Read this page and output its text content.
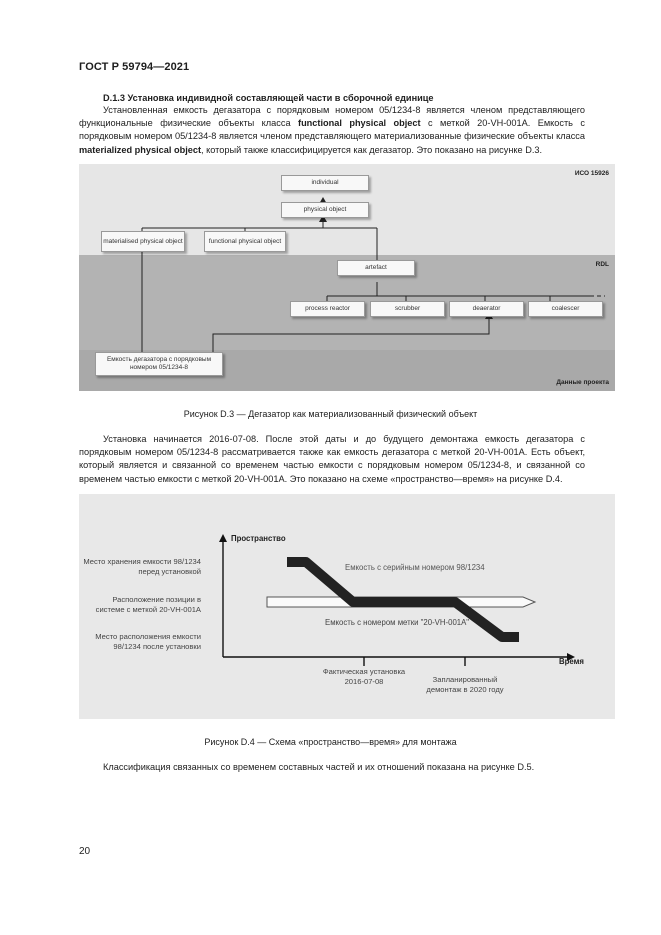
ГОСТ Р 59794—2021
D.1.3 Установка индивидной составляющей части в сборочной единице
Установленная емкость дегазатора с порядковым номером 05/1234-8 является членом представляющего функциональные физические объекты класса functional physical object с меткой 20-VH-001A. Емкость с порядковым номером 05/1234-8 является членом представляющего материализованные физические объекты класса materialized physical object, который также классифицируется как дегазатор. Это показано на рисунке D.3.
ИСО 15926
RDL
Данные проекта
individual
physical object
materialised physical object	functional physical object
artefact
process reactor	scrubber	deaerator	coalescer
Емкость дегазатора с порядковым номером 05/1234-8
Рисунок D.3 — Дегазатор как материализованный физический объект
Установка начинается 2016-07-08. После этой даты и до будущего демонтажа емкость дегазатора с порядковым номером 05/1234-8 рассматривается также как емкость дегазатора с меткой 20-VH-001A. Есть объект, который является и связанной со временем частью емкости с порядковым номером 05/1234-8, и связанной со временем частью емкости с меткой 20-VH-001A. Это показано на схеме «пространство—время» на рисунке D.4.
Пространство
Время
Место хранения емкости 98/1234 перед установкой
Расположение позиции в системе с меткой 20-VH-001A
Место расположения емкости 98/1234 после установки
Фактическая установка 2016-07-08	Запланированный демонтаж в 2020 году
Емкость с серийным номером 98/1234
Емкость с номером метки "20-VH-001A"
Рисунок D.4 — Схема «пространство—время» для монтажа
Классификация связанных со временем составных частей и их отношений показана на рисунке D.5.
20
